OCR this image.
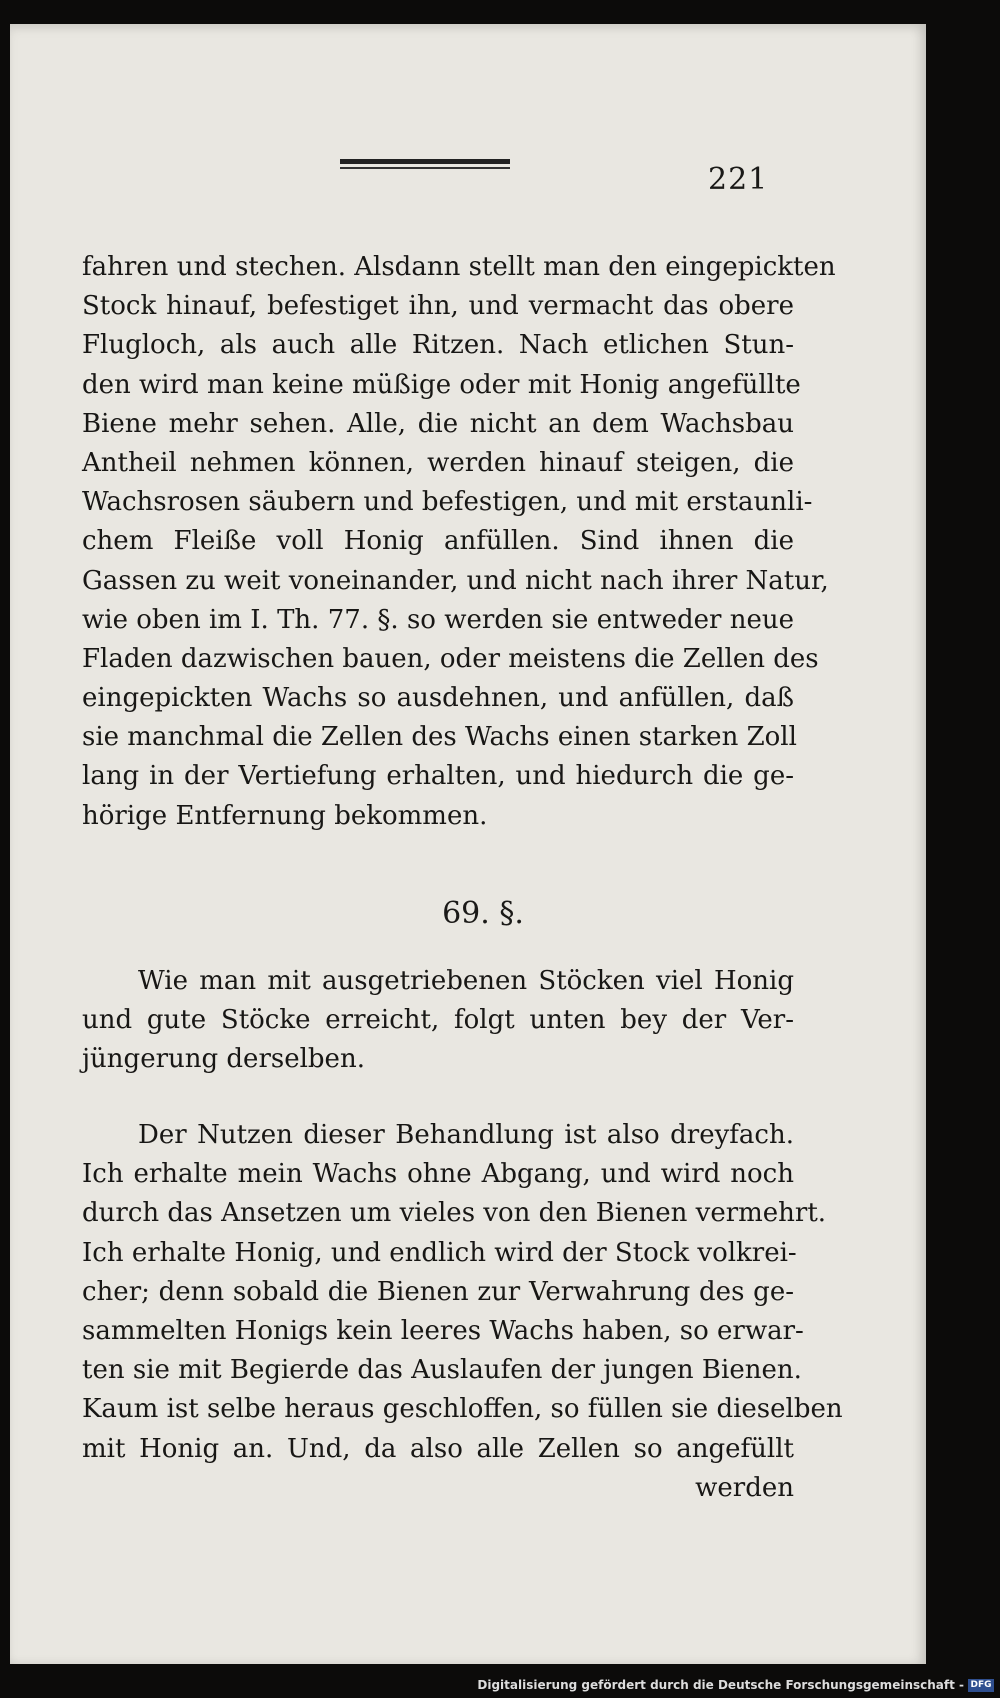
221
fahren und stechen. Alsdann stellt man den eingepickten
Stock hinauf, befestiget ihn, und vermacht das obere
Flugloch, als auch alle Ritzen. Nach etlichen Stun-
den wird man keine müßige oder mit Honig angefüllte
Biene mehr sehen. Alle, die nicht an dem Wachsbau
Antheil nehmen können, werden hinauf steigen, die
Wachsrosen säubern und befestigen, und mit erstaunli-
chem Fleiße voll Honig anfüllen. Sind ihnen die
Gassen zu weit voneinander, und nicht nach ihrer Natur,
wie oben im I. Th. 77. §. so werden sie entweder neue
Fladen dazwischen bauen, oder meistens die Zellen des
eingepickten Wachs so ausdehnen, und anfüllen, daß
sie manchmal die Zellen des Wachs einen starken Zoll
lang in der Vertiefung erhalten, und hiedurch die ge-
hörige Entfernung bekommen.
69. §.
Wie man mit ausgetriebenen Stöcken viel Honig
und gute Stöcke erreicht, folgt unten bey der Ver-
jüngerung derselben.
Der Nutzen dieser Behandlung ist also dreyfach.
Ich erhalte mein Wachs ohne Abgang, und wird noch
durch das Ansetzen um vieles von den Bienen vermehrt.
Ich erhalte Honig, und endlich wird der Stock volkrei-
cher; denn sobald die Bienen zur Verwahrung des ge-
sammelten Honigs kein leeres Wachs haben, so erwar-
ten sie mit Begierde das Auslaufen der jungen Bienen.
Kaum ist selbe heraus geschloffen, so füllen sie dieselben
mit Honig an. Und, da also alle Zellen so angefüllt
werden
Digitalisierung gefördert durch die Deutsche Forschungsgemeinschaft - DFG
